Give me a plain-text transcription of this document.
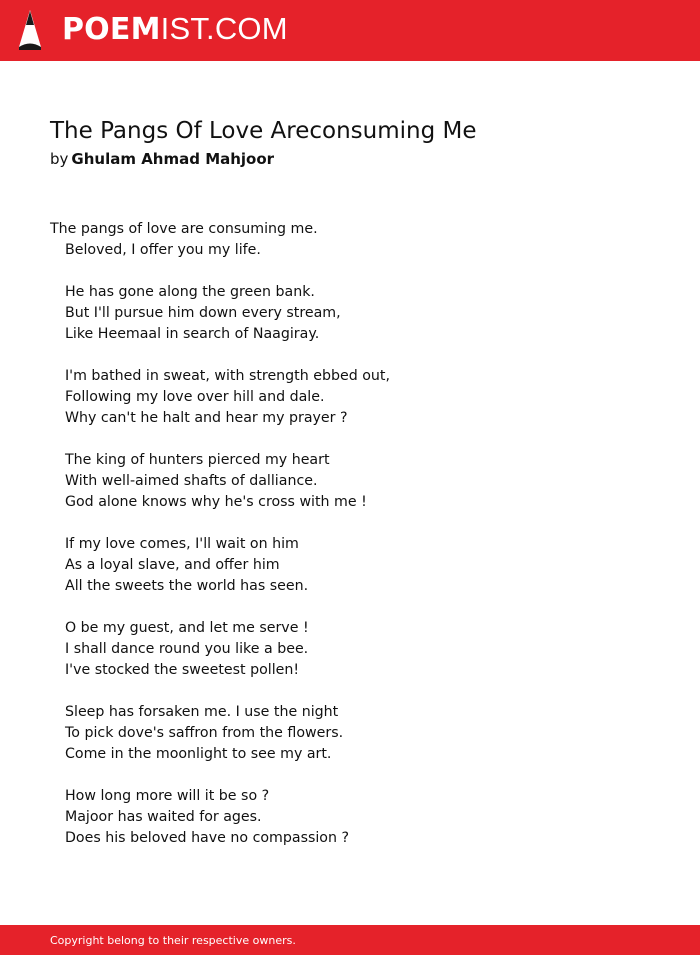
POEMIST.COM
The Pangs Of Love Areconsuming Me
by Ghulam Ahmad Mahjoor
The pangs of love are consuming me.
Beloved, I offer you my life.
He has gone along the green bank.
But I'll pursue him down every stream,
Like Heemaal in search of Naagiray.
I'm bathed in sweat, with strength ebbed out,
Following my love over hill and dale.
Why can't he halt and hear my prayer ?
The king of hunters pierced my heart
With well-aimed shafts of dalliance.
God alone knows why he's cross with me !
If my love comes, I'll wait on him
As a loyal slave, and offer him
All the sweets the world has seen.
O be my guest, and let me serve !
I shall dance round you like a bee.
I've stocked the sweetest pollen!
Sleep has forsaken me. I use the night
To pick dove's saffron from the flowers.
Come in the moonlight to see my art.
How long more will it be so ?
Majoor has waited for ages.
Does his beloved have no compassion ?
Copyright belong to their respective owners.
